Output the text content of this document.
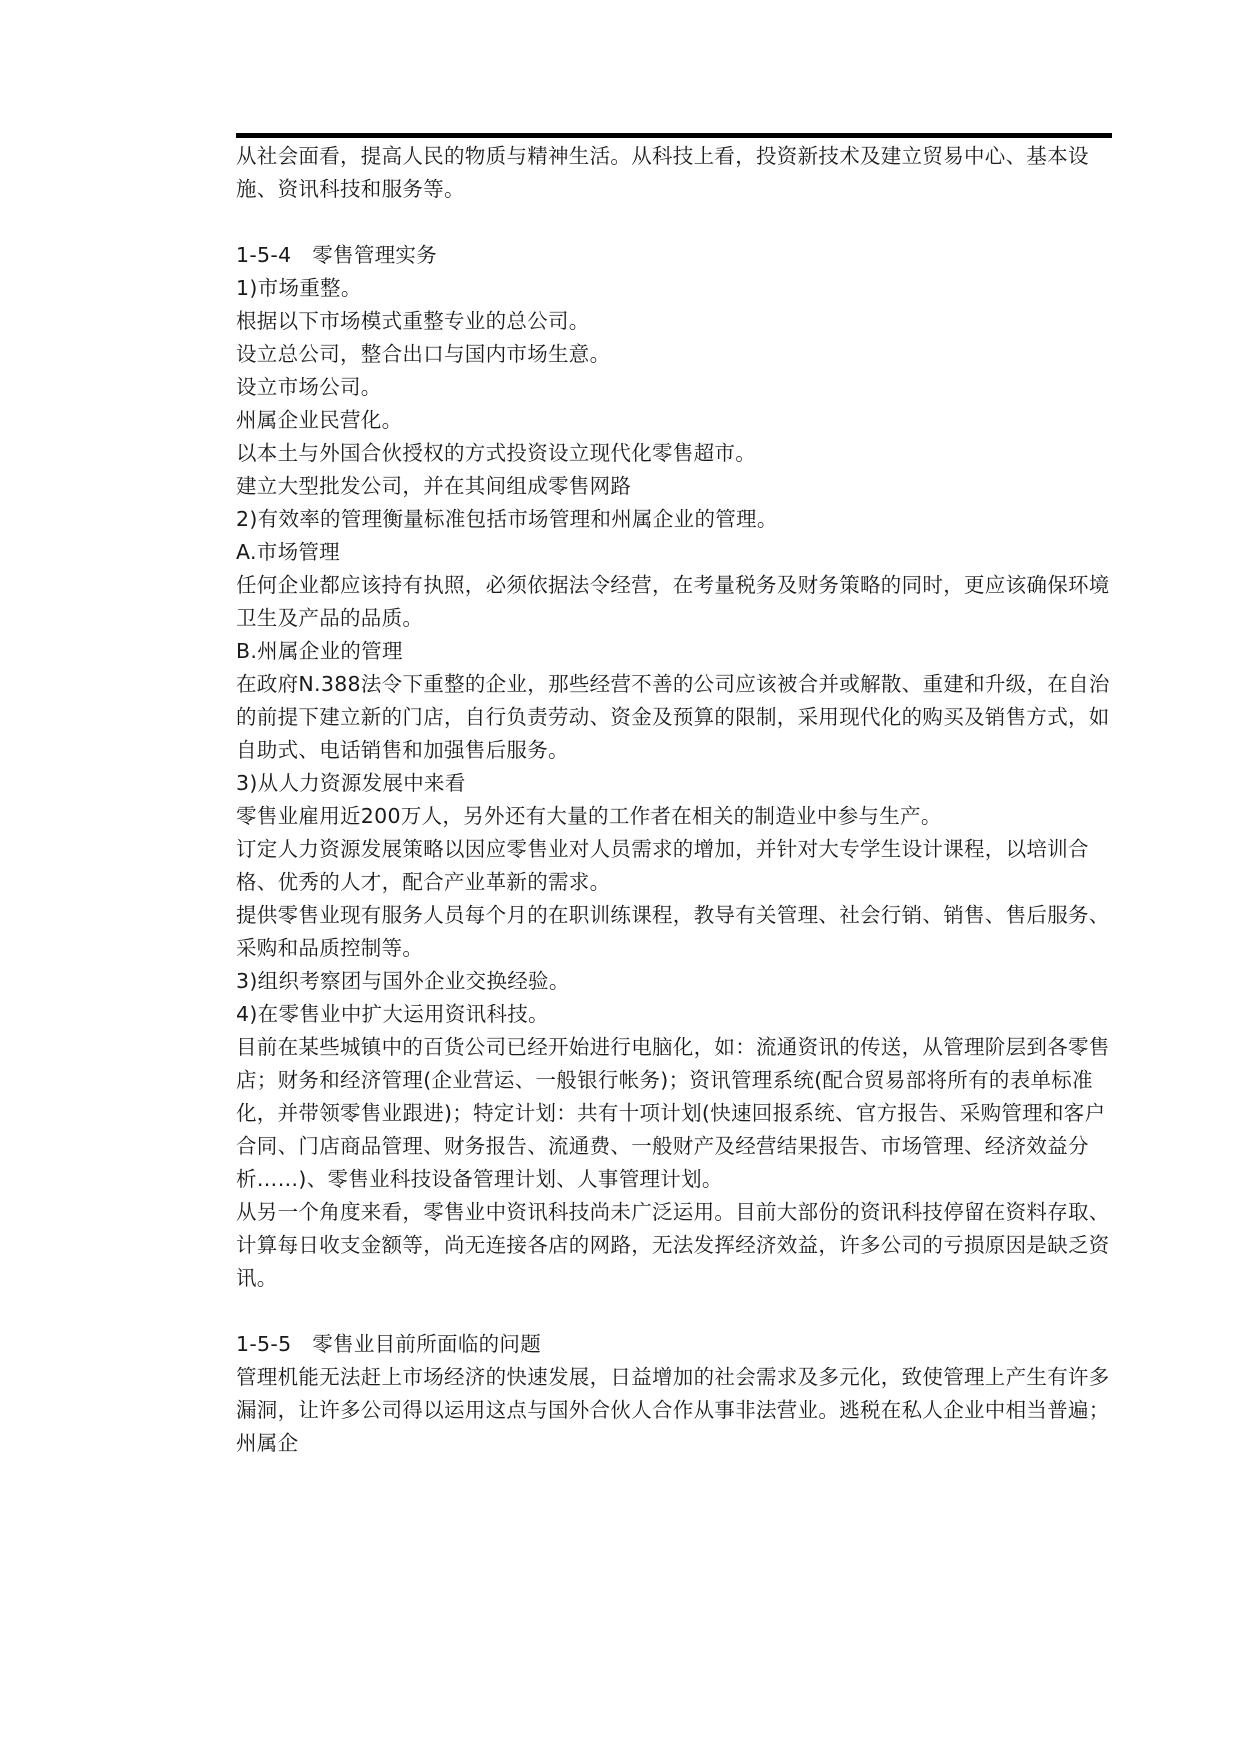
从社会面看，提高人民的物质与精神生活。从科技上看，投资新技术及建立贸易中心、基本设施、资讯科技和服务等。

1-5-4　零售管理实务

1)市场重整。

根据以下市场模式重整专业的总公司。

设立总公司，整合出口与国内市场生意。

设立市场公司。

州属企业民营化。

以本土与外国合伙授权的方式投资设立现代化零售超市。

建立大型批发公司，并在其间组成零售网路

2)有效率的管理衡量标准包括市场管理和州属企业的管理。

A.市场管理

任何企业都应该持有执照，必须依据法令经营，在考量税务及财务策略的同时，更应该确保环境卫生及产品的品质。

B.州属企业的管理

在政府N.388法令下重整的企业，那些经营不善的公司应该被合并或解散、重建和升级，在自治的前提下建立新的门店，自行负责劳动、资金及预算的限制，采用现代化的购买及销售方式，如自助式、电话销售和加强售后服务。

3)从人力资源发展中来看

零售业雇用近200万人，另外还有大量的工作者在相关的制造业中参与生产。

订定人力资源发展策略以因应零售业对人员需求的增加，并针对大专学生设计课程，以培训合格、优秀的人才，配合产业革新的需求。

提供零售业现有服务人员每个月的在职训练课程，教导有关管理、社会行销、销售、售后服务、采购和品质控制等。

3)组织考察团与国外企业交换经验。

4)在零售业中扩大运用资讯科技。

目前在某些城镇中的百货公司已经开始进行电脑化，如：流通资讯的传送，从管理阶层到各零售店；财务和经济管理(企业营运、一般银行帐务)；资讯管理系统(配合贸易部将所有的表单标准化，并带领零售业跟进)；特定计划：共有十项计划(快速回报系统、官方报告、采购管理和客户合同、门店商品管理、财务报告、流通费、一般财产及经营结果报告、市场管理、经济效益分析……)、零售业科技设备管理计划、人事管理计划。

从另一个角度来看，零售业中资讯科技尚未广泛运用。目前大部份的资讯科技停留在资料存取、计算每日收支金额等，尚无连接各店的网路，无法发挥经济效益，许多公司的亏损原因是缺乏资讯。

1-5-5　零售业目前所面临的问题

管理机能无法赶上市场经济的快速发展，日益增加的社会需求及多元化，致使管理上产生有许多漏洞，让许多公司得以运用这点与国外合伙人合作从事非法营业。逃税在私人企业中相当普遍；州属企
